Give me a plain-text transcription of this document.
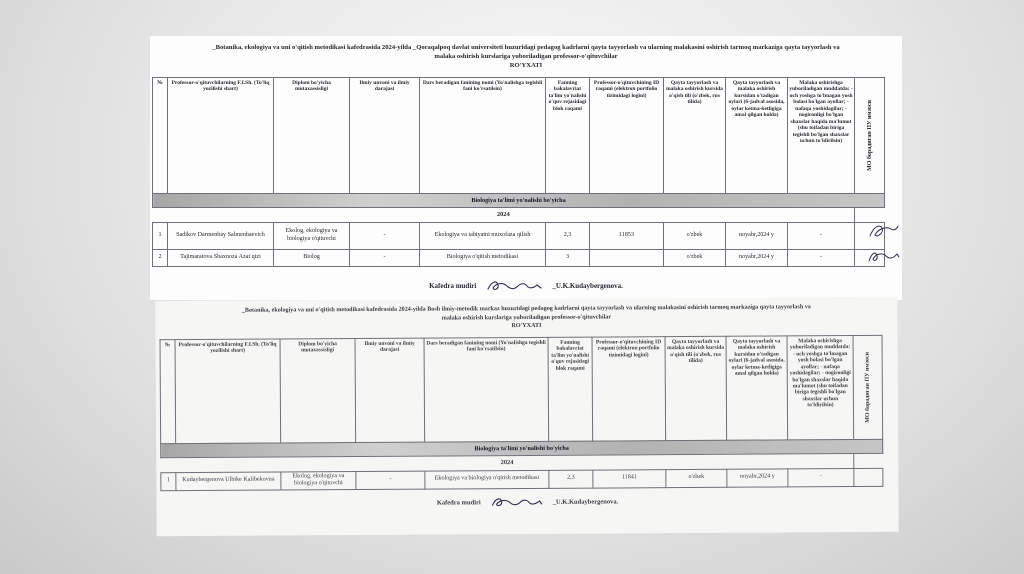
_Botanika, ekologiya va uni o'qitish metodikasi kafedrasida 2024-yilda _Qoraqalpoq davlat universiteti huzuridagi pedagog kadrlarni qayta tayyorlash va ularning malakasini oshirish tarmoq markaziga qayta tayyorlash va
malaka oshirish kurslariga yuboriladigan professor-o'qituvchilar
RO'YXATI
№	Professor-o'qituvchilarning F.I.Sh. (To'liq yozilishi shart)	Diplom bo'yicha mutaxassisligi	Ilmiy unvoni va ilmiy darajasi	Dars beradigan fanining nomi (Yo'nalishga tegishli fani ko'rsatilsin)	Fanning bakalavriat ta'lim yo'nalishi o'quv rejasidagi blok raqami	Professor-o'qituvchining ID raqami (elektron portfolio tizimidagi logini)	Qayta tayyorlash va malaka oshirish kursida o'qish tili (o'zbek, rus tilida)	Qayta tayyorlash va malaka oshirish kursidan o'tadigan oylari (6-jadval asosida, oylar ketma-ketligiga amal qilgan holda)	Malaka oshirishga yuboriladigan muddatda: - uch yoshga to'lmagan yosh bolasi bo'lgan ayollar; - nafaqa yoshidagilar; - nogironligi bo'lgan shaxslar haqida ma'lumot (shu toifadan biriga tegishli bo'lgan shaxslar uchun to'ldirilsin)	МО борадиган ПУ имзоси

Biologiya ta'limi yo'nalishi bo'yicha										
2024										
1	Sadikov Darmenbay Salmenbaevich	Ekolog, ekologiya va biologiya o'qituvchi	-	Ekologiya va tabiyatni muxofaza qilish	2,3	11853	o'zbek	noyabr,2024 y	-	

2	Tajimaratova Shaxnoza Azat qizi	Biolog	-	Biologiya o'qitish metodikasi	3		o'zbek	noyabr,2024 y	-	
Kafedra mudiri	_U.K.Kudaybergenova.
_Botanika, ekologiya va uni o'qitish metodikasi kafedrasida 2024-yilda Bosh ilmiy-metodik markaz huzuridagi pedagog kadrlarni qayta tayyorlash va ularning malakasini oshirish tarmoq markaziga qayta tayyorlash va
malaka oshirish kurslariga yuboriladigan professor-o'qituvchilar
RO'YXATI
№	Professor-o'qituvchilarning F.I.Sh. (To'liq yozilishi shart)	Diplom bo'yicha mutaxassisligi	Ilmiy unvoni va ilmiy darajasi	Dars beradigan fanining nomi (Yo'nalishga tegishli fani ko'rsatilsin)	Fanning bakalavriat ta'lim yo'nalishi o'quv rejasidagi blok raqami	Professor-o'qituvchining ID raqami (elektron portfolio tizimidagi logini)	Qayta tayyorlash va malaka oshirish kursida o'qish tili (o'zbek, rus tilida)	Qayta tayyorlash va malaka oshirish kursidan o'tadigan oylari (6-jadval asosida, oylar ketma-ketligiga amal qilgan holda)	Malaka oshirishga yuboriladigan muddatda: - uch yoshga to'lmagan yosh bolasi bo'lgan ayollar; - nafaqa yoshidagilar; - nogironligi bo'lgan shaxslar haqida ma'lumot (shu toifadan biriga tegishli bo'lgan shaxslar uchun to'ldirilsin)	МО борадиган ПУ имзоси

Biologiya ta'limi yo'nalishi bo'yicha										
2024										
1	Kudaybergenova Ulbike Kalibekovna	Ekolog, ekologiya va biologiya o'qituvchi	-	Ekologiya va biologiya o'qitish metodikasi	2,3	11841	o'zbek	noyabr,2024 y	-	
Kafedra mudiri	_U.K.Kudaybergenova.
